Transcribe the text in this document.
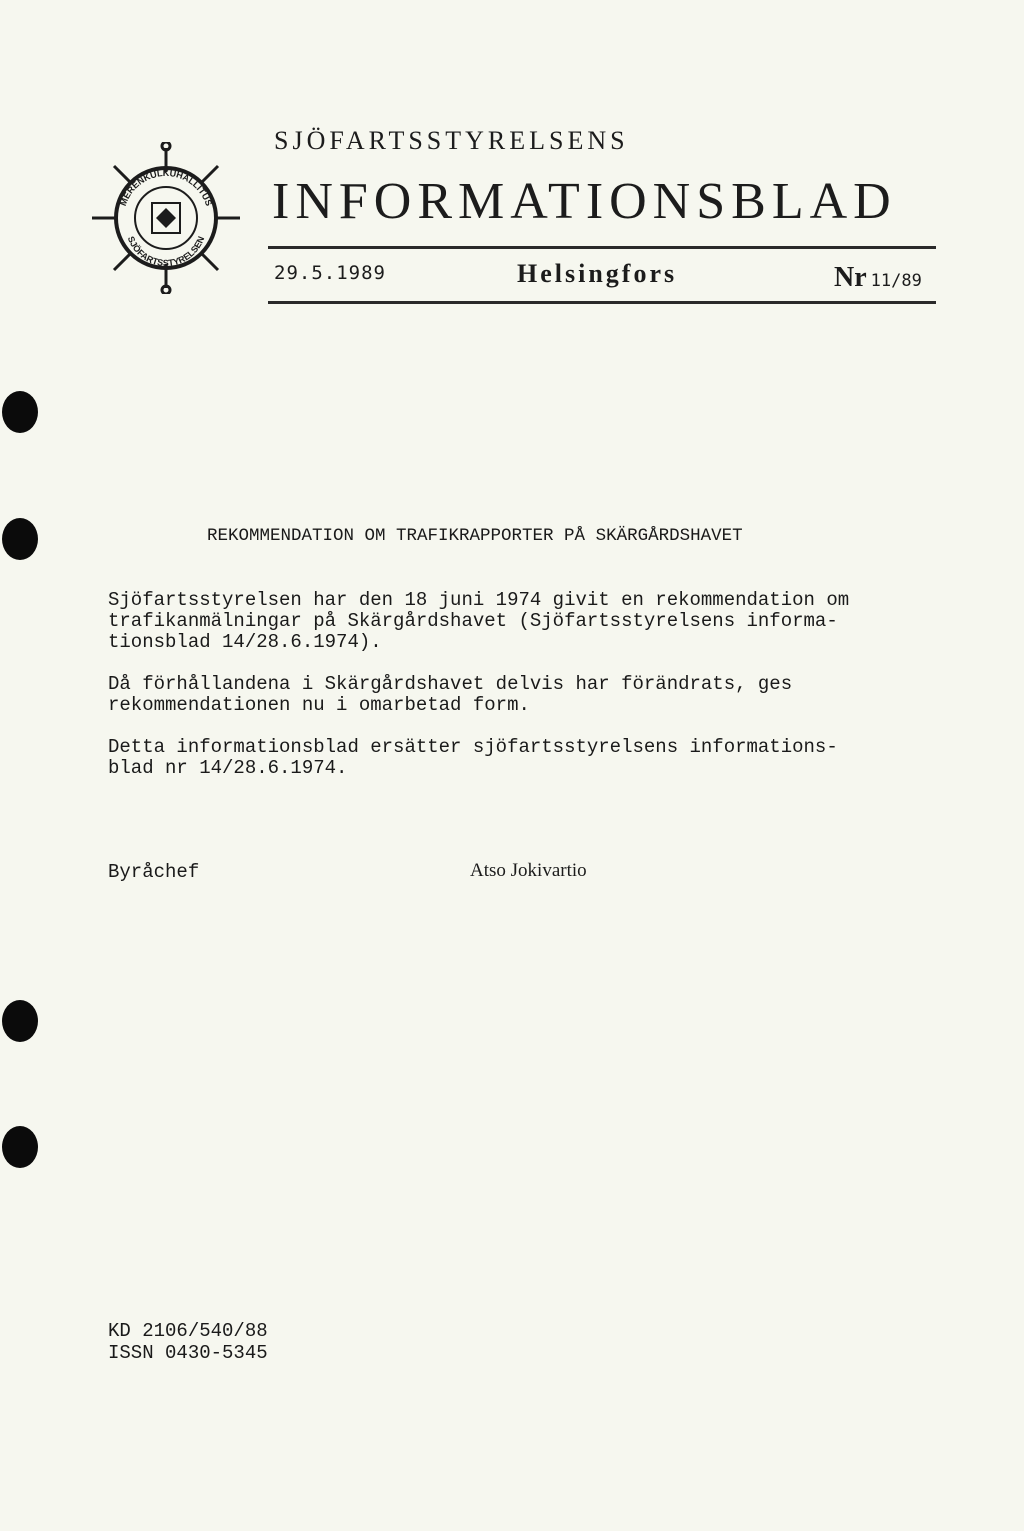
MERENKULKUHALLITUS
SJÖFARTSSTYRELSEN
SJÖFARTSSTYRELSENS
INFORMATIONSBLAD
29.5.1989	Helsingfors	Nr 11/89
REKOMMENDATION OM TRAFIKRAPPORTER PÅ SKÄRGÅRDSHAVET

Sjöfartsstyrelsen har den 18 juni 1974 givit en rekommendation om
trafikanmälningar på Skärgårdshavet (Sjöfartsstyrelsens informa-
tionsblad 14/28.6.1974).

Då förhållandena i Skärgårdshavet delvis har förändrats, ges
rekommendationen nu i omarbetad form.

Detta informationsblad ersätter sjöfartsstyrelsens informations-
blad nr 14/28.6.1974.

Byråchef	Atso Jokivartio
KD 2106/540/88
ISSN 0430-5345
